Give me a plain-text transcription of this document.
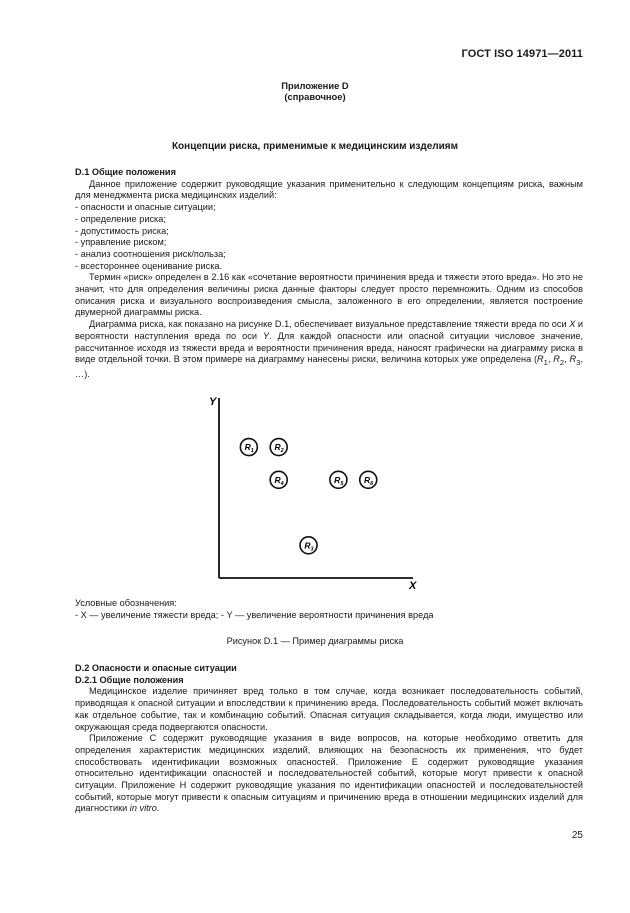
ГОСТ ISO 14971—2011
Приложение D
(справочное)
Концепции риска, применимые к медицинским изделиям

D.1 Общие положения

Данное приложение содержит руководящие указания применительно к следующим концепциям риска, важным для менеджмента риска медицинских изделий:

- опасности и опасные ситуации;
- определение риска;
- допустимость риска;
- управление риском;
- анализ соотношения риск/польза;
- всестороннее оценивание риска.

Термин «риск» определен в 2.16 как «сочетание вероятности причинения вреда и тяжести этого вреда». Но это не значит, что для определения величины риска данные факторы следует просто перемножить. Одним из способов описания риска и визуального воспроизведения смысла, заложенного в его определении, является построение двумерной диаграммы риска.

Диаграмма риска, как показано на рисунке D.1, обеспечивает визуальное представление тяжести вреда по оси X и вероятности наступления вреда по оси Y. Для каждой опасности или опасной ситуации числовое значение, рассчитанное исходя из тяжести вреда и вероятности причинения вреда, наносят графически на диаграмму риска в виде отдельной точки. В этом примере на диаграмму нанесены риски, величина которых уже определена ($R_1$, $R_2$, $R_3$, …).

Y
X
$R_1$ $R_2$
$R_4$	$R_5$ $R_6$
$R_3$

Условные обозначения:

- X — увеличение тяжести вреда; - Y — увеличение вероятности причинения вреда

Рисунок D.1 — Пример диаграммы риска

D.2 Опасности и опасные ситуации

D.2.1 Общие положения

Медицинское изделие причиняет вред только в том случае, когда возникает последовательность событий, приводящая к опасной ситуации и впоследствии к причинению вреда. Последовательность событий может включать как отдельное событие, так и комбинацию событий. Опасная ситуация складывается, когда люди, имущество или окружающая среда подвергаются опасности.

Приложение С содержит руководящие указания в виде вопросов, на которые необходимо ответить для определения характеристик медицинских изделий, влияющих на безопасность их применения, что будет способствовать идентификации возможных опасностей. Приложение Е содержит руководящие указания относительно идентификации опасностей и последовательностей событий, которые могут привести к опасной ситуации. Приложение Н содержит руководящие указания по идентификации опасностей и последовательностей событий, которые могут привести к опасным ситуациям и причинению вреда в отношении медицинских изделий для диагностики in vitro.

25
